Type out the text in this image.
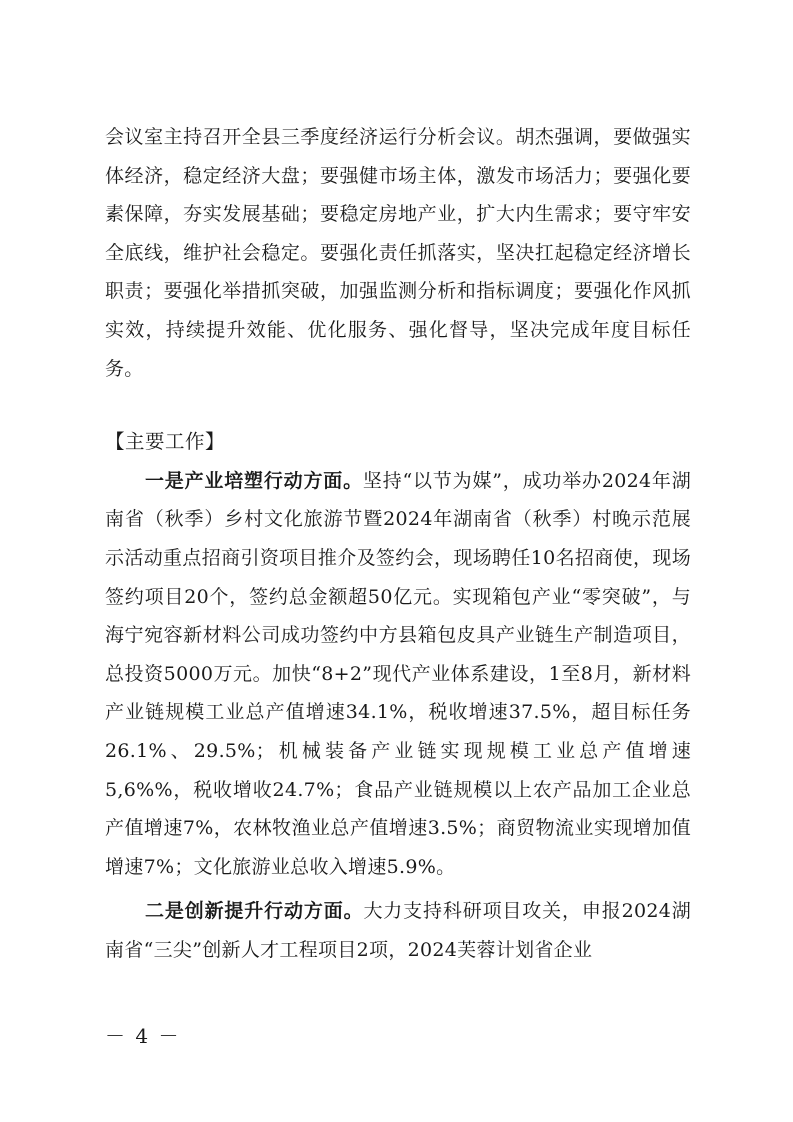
会议室主持召开全县三季度经济运行分析会议。胡杰强调，要做强实体经济，稳定经济大盘；要强健市场主体，激发市场活力；要强化要素保障，夯实发展基础；要稳定房地产业，扩大内生需求；要守牢安全底线，维护社会稳定。要强化责任抓落实，坚决扛起稳定经济增长职责；要强化举措抓突破，加强监测分析和指标调度；要强化作风抓实效，持续提升效能、优化服务、强化督导，坚决完成年度目标任务。

【主要工作】

一是产业培塑行动方面。坚持“以节为媒”，成功举办2024年湖南省（秋季）乡村文化旅游节暨2024年湖南省（秋季）村晚示范展示活动重点招商引资项目推介及签约会，现场聘任10名招商使，现场签约项目20个，签约总金额超50亿元。实现箱包产业“零突破”，与海宁宛容新材料公司成功签约中方县箱包皮具产业链生产制造项目，总投资5000万元。加快“8+2”现代产业体系建设，1至8月，新材料产业链规模工业总产值增速34.1%，税收增速37.5%，超目标任务26.1%、29.5%；机械装备产业链实现规模工业总产值增速5,6%%，税收增收24.7%；食品产业链规模以上农产品加工企业总产值增速7%，农林牧渔业总产值增速3.5%；商贸物流业实现增加值增速7%；文化旅游业总收入增速5.9%。

二是创新提升行动方面。大力支持科研项目攻关，申报2024湖南省“三尖”创新人才工程项目2项，2024芙蓉计划省企业

－ 4 －
